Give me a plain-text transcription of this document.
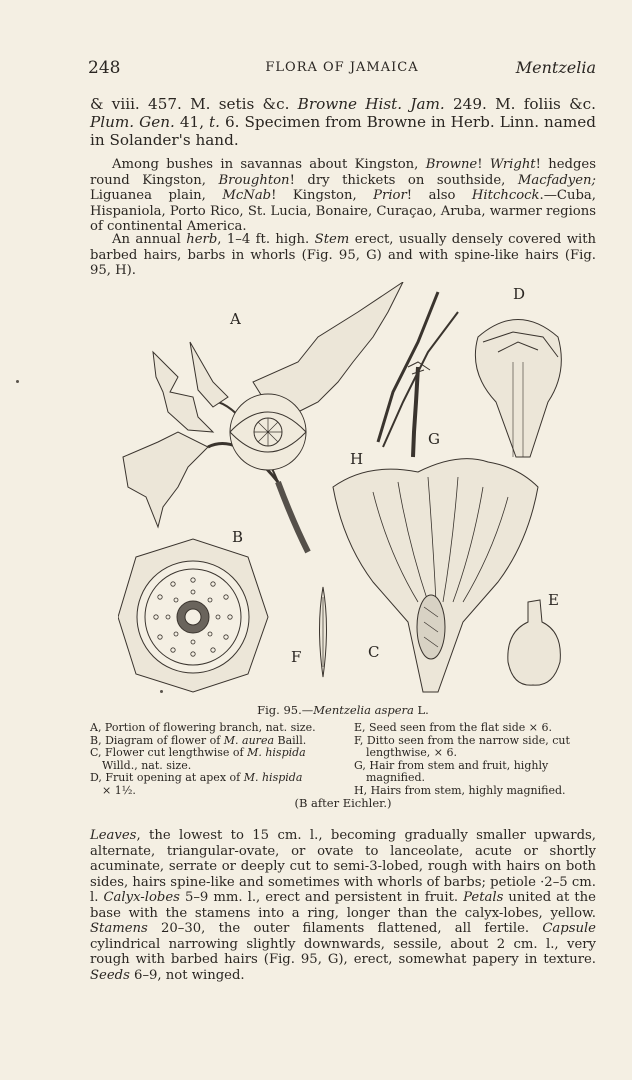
248	FLORA OF JAMAICA	Mentzelia

& viii. 457. M. setis &c. Browne Hist. Jam. 249. M. foliis &c. Plum. Gen. 41, t. 6. Specimen from Browne in Herb. Linn. named in Solander's hand.

Among bushes in savannas about Kingston, Browne! Wright! hedges round Kingston, Broughton! dry thickets on southside, Macfadyen; Liguanea plain, McNab! Kingston, Prior! also Hitchcock.—Cuba, Hispaniola, Porto Rico, St. Lucia, Bonaire, Curaçao, Aruba, warmer regions of continental America.

An annual herb, 1–4 ft. high. Stem erect, usually densely covered with barbed hairs, barbs in whorls (Fig. 95, G) and with spine-like hairs (Fig. 95, H).

A
B
C
D
E
F
G
H
Fig. 95.—Mentzelia aspera L.

A, Portion of flowering branch, nat. size.

B, Diagram of flower of M. aurea Baill.

C, Flower cut lengthwise of M. hispida
Willd., nat. size.

D, Fruit opening at apex of M. hispida
× 1½.

E, Seed seen from the flat side × 6.

F, Ditto seen from the narrow side, cut
lengthwise, × 6.

G, Hair from stem and fruit, highly
magnified.

H, Hairs from stem, highly magnified.

(B after Eichler.)

Leaves, the lowest to 15 cm. l., becoming gradually smaller upwards, alternate, triangular-ovate, or ovate to lanceolate, acute or shortly acuminate, serrate or deeply cut to semi-3-lobed, rough with hairs on both sides, hairs spine-like and sometimes with whorls of barbs; petiole ·2–5 cm. l. Calyx-lobes 5–9 mm. l., erect and persistent in fruit. Petals united at the base with the stamens into a ring, longer than the calyx-lobes, yellow. Stamens 20–30, the outer filaments flattened, all fertile. Capsule cylindrical narrowing slightly downwards, sessile, about 2 cm. l., very rough with barbed hairs (Fig. 95, G), erect, somewhat papery in texture. Seeds 6–9, not winged.
